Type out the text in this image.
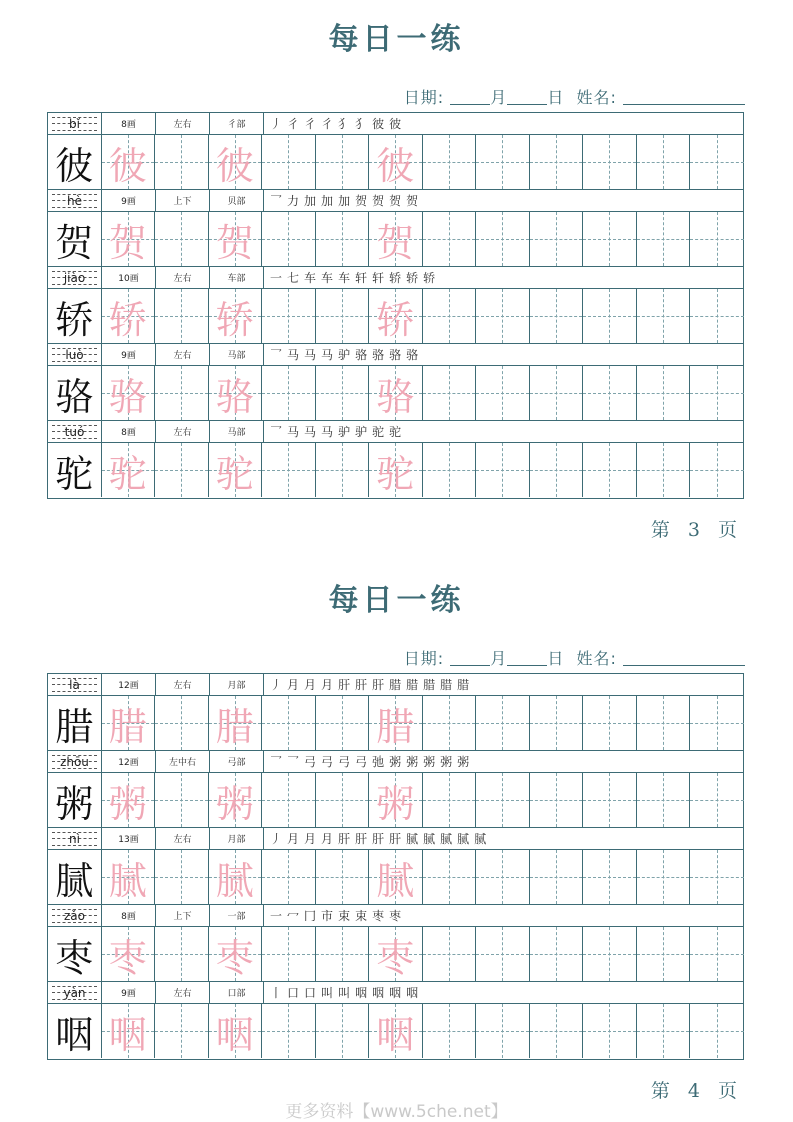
每日一练
日期:	月	日 姓名:
bǐ	8画	左右	彳部	丿 彳 彳 彳 犭 犭 彼 彼
彼 彼 彼	彼
hè	9画	上下	贝部	乛 力 加 加 加 贺 贺 贺 贺
贺 贺 贺	贺
jiào	10画	左右	车部	一 七 车 车 车 轩 轩 轿 轿 轿
轿 轿 轿	轿
luò	9画	左右	马部	乛 马 马 马 驴 骆 骆 骆 骆
骆 骆 骆	骆
tuó	8画	左右	马部	乛 马 马 马 驴 驴 驼 驼
驼 驼 驼	驼
第 3 页
每日一练
日期:	月	日 姓名:
là	12画	左右	月部	丿 月 月 月 肝 肝 肝 腊 腊 腊 腊 腊
腊 腊 腊	腊
zhōu	12画	左中右	弓部	乛 乛 弓 弓 弓 弓 弛 粥 粥 粥 粥 粥
粥 粥 粥	粥
nì	13画	左右	月部	丿 月 月 月 肝 肝 肝 肝 腻 腻 腻 腻 腻
腻 腻 腻	腻
zǎo	8画	上下	一部	一 冖 冂 市 束 束 枣 枣
枣 枣 枣	枣
yàn	9画	左右	口部	丨 口 口 叫 叫 咽 咽 咽 咽
咽 咽 咽	咽
第 4 页
更多资料【www.5che.net】
